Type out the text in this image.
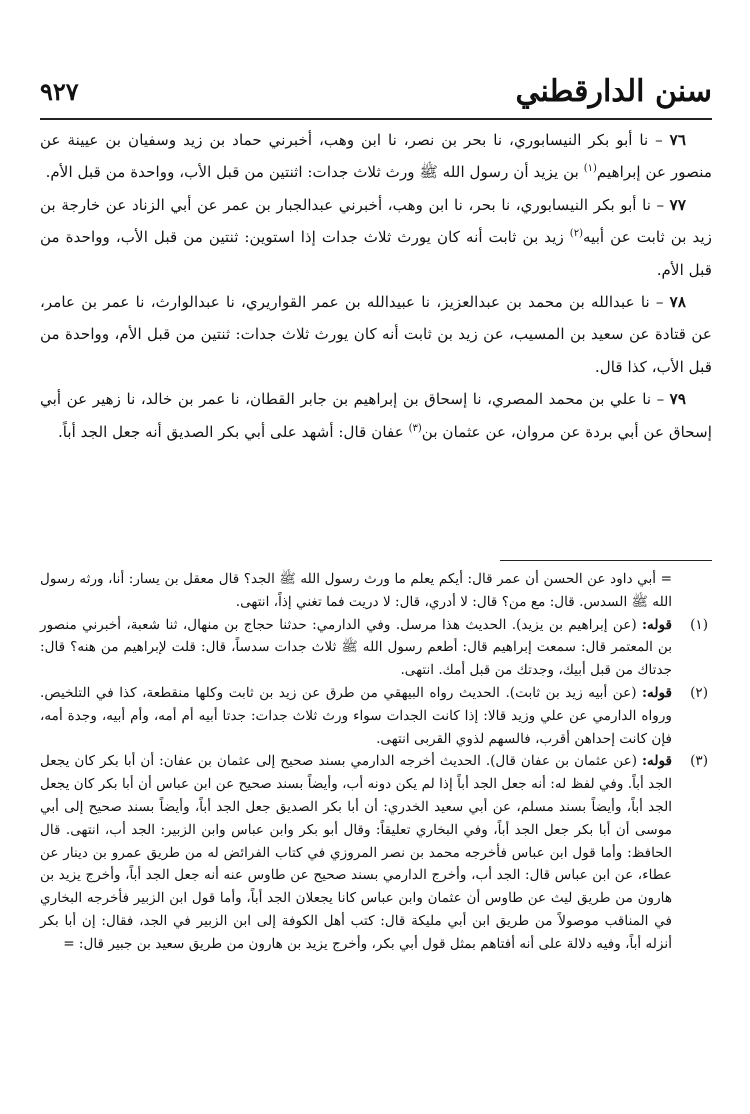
سنن الدارقطني
٩٢٧

٧٦ – نا أبو بكر النيسابوري، نا بحر بن نصر، نا ابن وهب، أخبرني حماد بن زيد وسفيان بن عيينة عن منصور عن إبراهيم$^{(١)}$ بن يزيد أن رسول الله ﷺ ورث ثلاث جدات: اثنتين من قبل الأب، وواحدة من قبل الأم.

٧٧ – نا أبو بكر النيسابوري، نا بحر، نا ابن وهب، أخبرني عبدالجبار بن عمر عن أبي الزناد عن خارجة بن زيد بن ثابت عن أبيه$^{(٢)}$ زيد بن ثابت أنه كان يورث ثلاث جدات إذا استوين: ثنتين من قبل الأب، وواحدة من قبل الأم.

٧٨ – نا عبدالله بن محمد بن عبدالعزيز، نا عبيدالله بن عمر القواريري، نا عبدالوارث، نا عمر بن عامر، عن قتادة عن سعيد بن المسيب، عن زيد بن ثابت أنه كان يورث ثلاث جدات: ثنتين من قبل الأم، وواحدة من قبل الأب، كذا قال.

٧٩ – نا علي بن محمد المصري، نا إسحاق بن إبراهيم بن جابر القطان، نا عمر بن خالد، نا زهير عن أبي إسحاق عن أبي بردة عن مروان، عن عثمان بن$^{(٣)}$ عفان قال: أشهد على أبي بكر الصديق أنه جعل الجد أباً.

= أبي داود عن الحسن أن عمر قال: أيكم يعلم ما ورث رسول الله ﷺ الجد؟ قال معقل بن يسار: أنا، ورثه رسول الله ﷺ السدس. قال: مع من؟ قال: لا أدري، قال: لا دريت فما تغني إذاً، انتهى.
(١)
قوله: (عن إبراهيم بن يزيد). الحديث هذا مرسل. وفي الدارمي: حدثنا حجاج بن منهال، ثنا شعبة، أخبرني منصور بن المعتمر قال: سمعت إبراهيم قال: أطعم رسول الله ﷺ ثلاث جدات سدساً، قال: قلت لإبراهيم من هنه؟ قال: جدتاك من قبل أبيك، وجدتك من قبل أمك. انتهى.
(٢)
قوله: (عن أبيه زيد بن ثابت). الحديث رواه البيهقي من طرق عن زيد بن ثابت وكلها منقطعة، كذا في التلخيص. ورواه الدارمي عن علي وزيد قالا: إذا كانت الجدات سواء ورث ثلاث جدات: جدتا أبيه أم أمه، وأم أبيه، وجدة أمه، فإن كانت إحداهن أقرب، فالسهم لذوي القربى انتهى.
(٣)
قوله: (عن عثمان بن عفان قال). الحديث أخرجه الدارمي بسند صحيح إلى عثمان بن عفان: أن أبا بكر كان يجعل الجد أباً. وفي لفظ له: أنه جعل الجد أباً إذا لم يكن دونه أب، وأيضاً بسند صحيح عن ابن عباس أن أبا بكر كان يجعل الجد أباً، وأيضاً بسند مسلم، عن أبي سعيد الخدري: أن أبا بكر الصديق جعل الجد أباً، وأيضاً بسند صحيح إلى أبي موسى أن أبا بكر جعل الجد أباً، وفي البخاري تعليقاً: وقال أبو بكر وابن عباس وابن الزبير: الجد أب، انتهى. قال الحافظ: وأما قول ابن عباس فأخرجه محمد بن نصر المروزي في كتاب الفرائض له من طريق عمرو بن دينار عن عطاء، عن ابن عباس قال: الجد أب، وأخرج الدارمي بسند صحيح عن طاوس عنه أنه جعل الجد أباً، وأخرج يزيد بن هارون من طريق ليث عن طاوس أن عثمان وابن عباس كانا يجعلان الجد أباً، وأما قول ابن الزبير فأخرجه البخاري في المناقب موصولاً من طريق ابن أبي مليكة قال: كتب أهل الكوفة إلى ابن الزبير في الجد، فقال: إن أبا بكر أنزله أباً، وفيه دلالة على أنه أفتاهم بمثل قول أبي بكر، وأخرج يزيد بن هارون من طريق سعيد بن جبير قال: =
